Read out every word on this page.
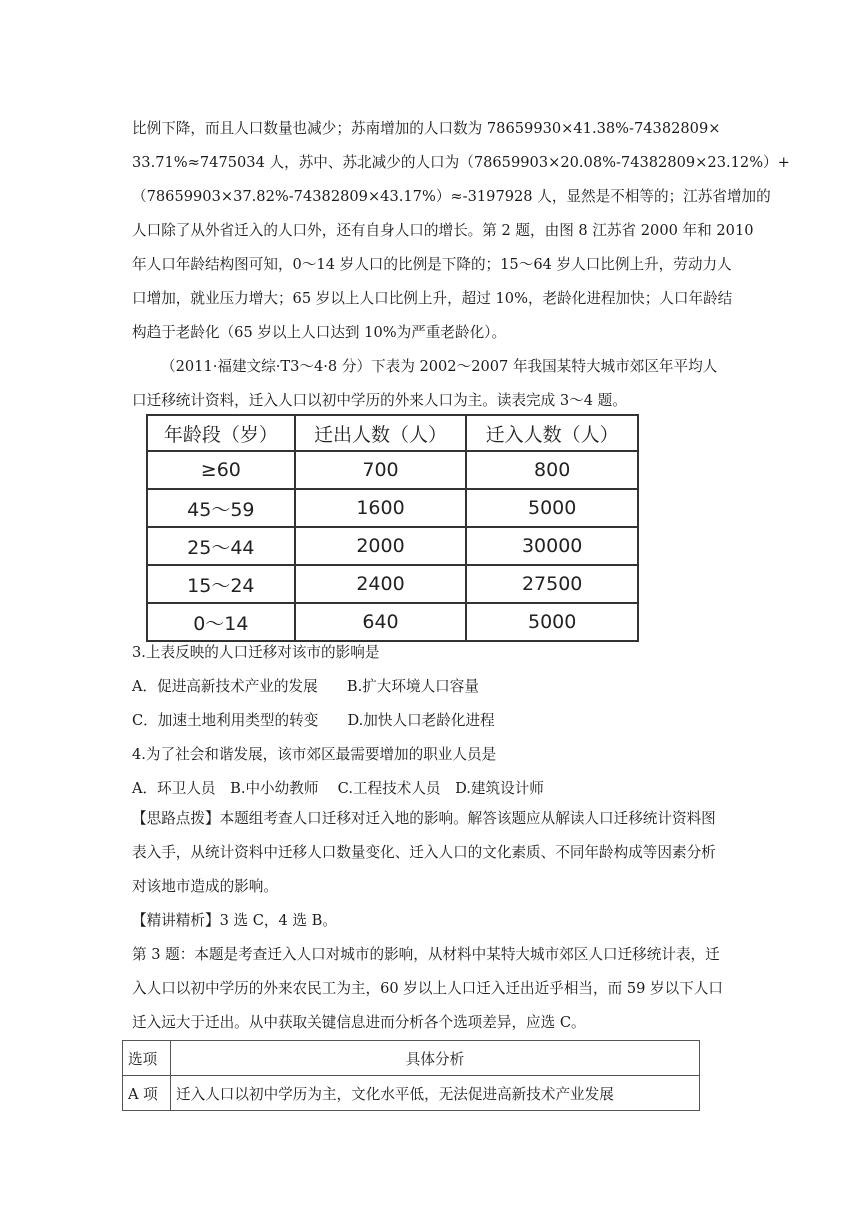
比例下降，而且人口数量也减少；苏南增加的人口数为 78659930×41.38%-74382809×
33.71%≈7475034 人，苏中、苏北减少的人口为（78659903×20.08%-74382809×23.12%）+
（78659903×37.82%-74382809×43.17%）≈-3197928 人，显然是不相等的；江苏省增加的
人口除了从外省迁入的人口外，还有自身人口的增长。第 2 题，由图 8 江苏省 2000 年和 2010
年人口年龄结构图可知，0～14 岁人口的比例是下降的；15～64 岁人口比例上升，劳动力人
口增加，就业压力增大；65 岁以上人口比例上升，超过 10%，老龄化进程加快；人口年龄结
构趋于老龄化（65 岁以上人口达到 10%为严重老龄化）。
（2011·福建文综·T3～4·8 分）下表为 2002～2007 年我国某特大城市郊区年平均人
口迁移统计资料，迁入人口以初中学历的外来人口为主。读表完成 3～4 题。
年龄段（岁）	迁出人数（人）	迁入人数（人）
≥60	700	800
45～59	1600	5000
25～44	2000	30000
15～24	2400	27500
0～14	640	5000
3.上表反映的人口迁移对该市的影响是
A．促进高新技术产业的发展　　B.扩大环境人口容量
C．加速土地利用类型的转变　　D.加快人口老龄化进程
4.为了社会和谐发展，该市郊区最需要增加的职业人员是
A．环卫人员　B.中小幼教师　 C.工程技术人员　D.建筑设计师
【思路点拨】本题组考查人口迁移对迁入地的影响。解答该题应从解读人口迁移统计资料图
表入手，从统计资料中迁移人口数量变化、迁入人口的文化素质、不同年龄构成等因素分析
对该地市造成的影响。
【精讲精析】3 选 C，4 选 B。
第 3 题：本题是考查迁入人口对城市的影响，从材料中某特大城市郊区人口迁移统计表，迁
入人口以初中学历的外来农民工为主，60 岁以上人口迁入迁出近乎相当，而 59 岁以下人口
迁入远大于迁出。从中获取关键信息进而分析各个选项差异，应选 C。
选项	具体分析
A 项	迁入人口以初中学历为主，文化水平低，无法促进高新技术产业发展
